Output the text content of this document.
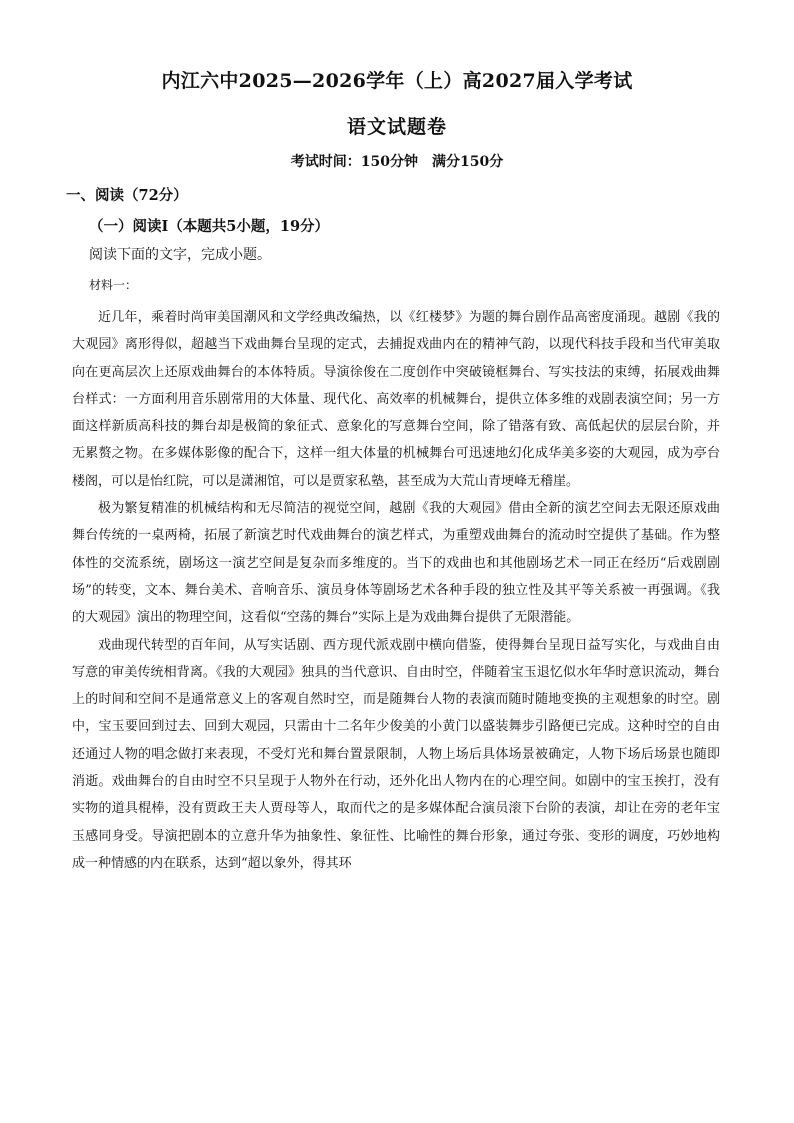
内江六中2025—2026学年（上）高2027届入学考试
语文试题卷
考试时间：150分钟　满分150分
一、阅读（72分）
（一）阅读Ⅰ（本题共5小题，19分）
阅读下面的文字，完成小题。
材料一：

近几年，乘着时尚审美国潮风和文学经典改编热，以《红楼梦》为题的舞台剧作品高密度涌现。越剧《我的大观园》离形得似，超越当下戏曲舞台呈现的定式，去捕捉戏曲内在的精神气韵，以现代科技手段和当代审美取向在更高层次上还原戏曲舞台的本体特质。导演徐俊在二度创作中突破镜框舞台、写实技法的束缚，拓展戏曲舞台样式：一方面利用音乐剧常用的大体量、现代化、高效率的机械舞台，提供立体多维的戏剧表演空间；另一方面这样新质高科技的舞台却是极简的象征式、意象化的写意舞台空间，除了错落有致、高低起伏的层层台阶，并无累赘之物。在多媒体影像的配合下，这样一组大体量的机械舞台可迅速地幻化成华美多姿的大观园，成为亭台楼阁，可以是怡红院，可以是潇湘馆，可以是贾家私塾，甚至成为大荒山青埂峰无稽崖。

极为繁复精准的机械结构和无尽简洁的视觉空间，越剧《我的大观园》借由全新的演艺空间去无限还原戏曲舞台传统的一桌两椅，拓展了新演艺时代戏曲舞台的演艺样式，为重塑戏曲舞台的流动时空提供了基础。作为整体性的交流系统，剧场这一演艺空间是复杂而多维度的。当下的戏曲也和其他剧场艺术一同正在经历“后戏剧剧场”的转变，文本、舞台美术、音响音乐、演员身体等剧场艺术各种手段的独立性及其平等关系被一再强调。《我的大观园》演出的物理空间，这看似“空荡的舞台”实际上是为戏曲舞台提供了无限潜能。

戏曲现代转型的百年间，从写实话剧、西方现代派戏剧中横向借鉴，使得舞台呈现日益写实化，与戏曲自由写意的审美传统相背离。《我的大观园》独具的当代意识、自由时空，伴随着宝玉退忆似水年华时意识流动，舞台上的时间和空间不是通常意义上的客观自然时空，而是随舞台人物的表演而随时随地变换的主观想象的时空。剧中，宝玉要回到过去、回到大观园，只需由十二名年少俊美的小黄门以盛装舞步引路便已完成。这种时空的自由还通过人物的唱念做打来表现，不受灯光和舞台置景限制，人物上场后具体场景被确定，人物下场后场景也随即消逝。戏曲舞台的自由时空不只呈现于人物外在行动，还外化出人物内在的心理空间。如剧中的宝玉挨打，没有实物的道具棍棒，没有贾政王夫人贾母等人，取而代之的是多媒体配合演员滚下台阶的表演，却让在旁的老年宝玉感同身受。导演把剧本的立意升华为抽象性、象征性、比喻性的舞台形象，通过夸张、变形的调度，巧妙地构成一种情感的内在联系，达到“超以象外，得其环
